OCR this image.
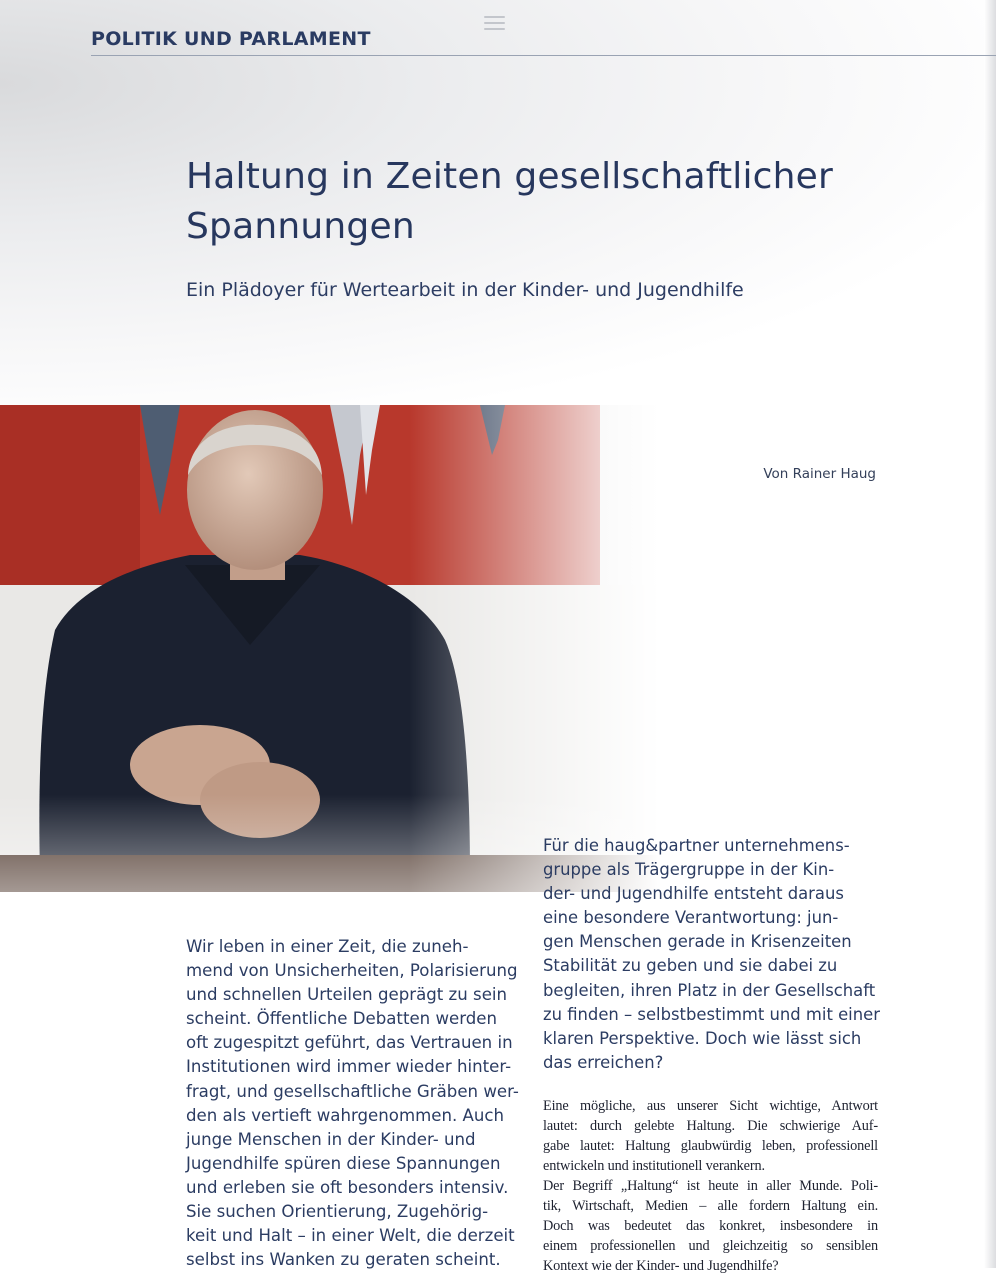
POLITIK UND PARLAMENT
Haltung in Zeiten gesellschaftlicher
Spannungen
Ein Plädoyer für Wertearbeit in der Kinder- und Jugendhilfe

Von Rainer Haug

Für die haug&partner unternehmens-
gruppe als Trägergruppe in der Kin-
der- und Jugendhilfe entsteht daraus
eine besondere Verantwortung: jun-
gen Menschen gerade in Krisenzeiten
Stabilität zu geben und sie dabei zu
begleiten, ihren Platz in der Gesellschaft
zu finden – selbstbestimmt und mit einer
klaren Perspektive. Doch wie lässt sich
das erreichen?

Wir leben in einer Zeit, die zuneh-
mend von Unsicherheiten, Polarisierung
und schnellen Urteilen geprägt zu sein
scheint. Öffentliche Debatten werden
oft zugespitzt geführt, das Vertrauen in
Institutionen wird immer wieder hinter-
fragt, und gesellschaftliche Gräben wer-
den als vertieft wahrgenommen. Auch
junge Menschen in der Kinder- und
Jugendhilfe spüren diese Spannungen
und erleben sie oft besonders intensiv.
Sie suchen Orientierung, Zugehörig-
keit und Halt – in einer Welt, die derzeit
selbst ins Wanken zu geraten scheint.

Eine mögliche, aus unserer Sicht wichtige, Antwort
lautet: durch gelebte Haltung. Die schwierige Auf-
gabe lautet: Haltung glaubwürdig leben, professionell
entwickeln und institutionell verankern.

Der Begriff „Haltung“ ist heute in aller Munde. Poli-
tik, Wirtschaft, Medien – alle fordern Haltung ein.
Doch was bedeutet das konkret, insbesondere in
einem professionellen und gleichzeitig so sensiblen
Kontext wie der Kinder- und Jugendhilfe?
